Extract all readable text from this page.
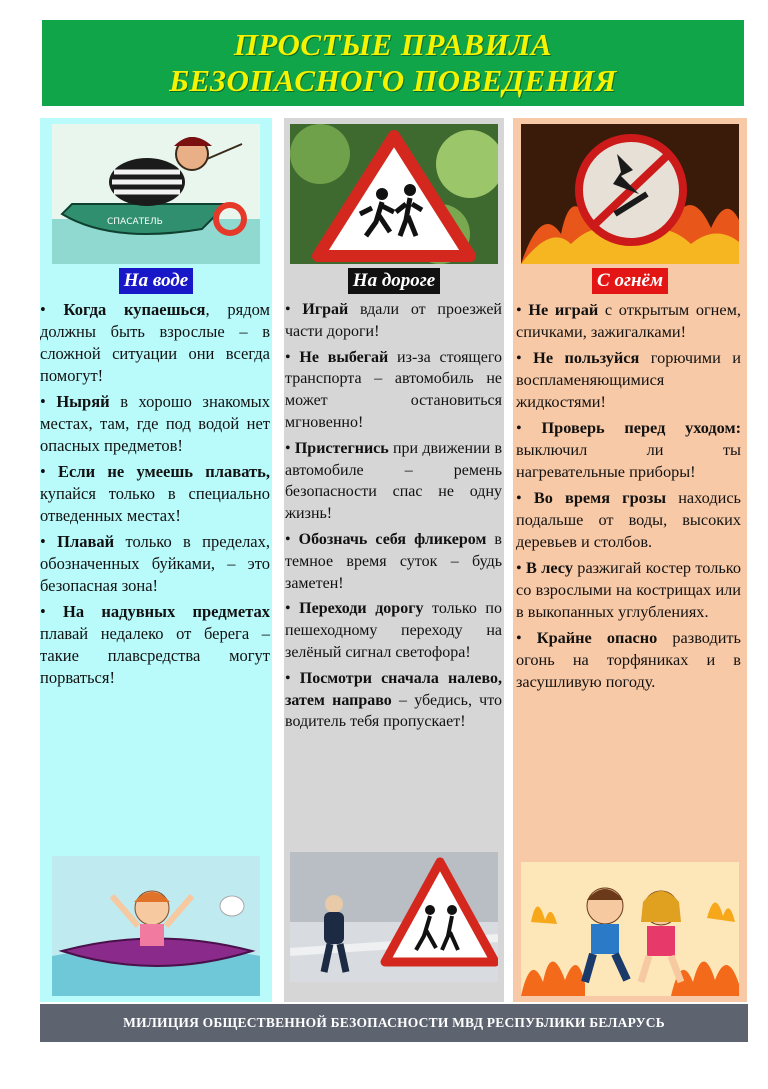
ПРОСТЫЕ ПРАВИЛА
БЕЗОПАСНОГО ПОВЕДЕНИЯ
СПАСАТЕЛЬ
На воде
• Когда купаешься, рядом должны быть взрослые – в сложной ситуации они всегда помогут!
• Ныряй в хорошо знакомых местах, там, где под водой нет опасных предметов!
• Если не умеешь плавать, купайся только в специально отведенных местах!
• Плавай только в пределах, обозначенных буйками, – это безопасная зона!
• На надувных предметах плавай недалеко от берега – такие плавсредства могут порваться!
На дороге
• Играй вдали от проезжей части дороги!
• Не выбегай из-за стоящего транспорта – автомобиль не может остановиться мгновенно!
• Пристегнись при движении в автомобиле – ремень безопасности спас не одну жизнь!
• Обозначь себя фликером в темное время суток – будь заметен!
• Переходи дорогу только по пешеходному переходу на зелёный сигнал светофора!
• Посмотри сначала налево, затем направо – убедись, что водитель тебя пропускает!
С огнём
• Не играй с открытым огнем, спичками, зажигалками!
• Не пользуйся горючими и воспламеняющимися жидкостями!
• Проверь перед уходом: выключил ли ты нагревательные приборы!
• Во время грозы находись подальше от воды, высоких деревьев и столбов.
• В лесу разжигай костер только со взрослыми на кострищах или в выкопанных углублениях.
• Крайне опасно разводить огонь на торфяниках и в засушливую погоду.
МИЛИЦИЯ ОБЩЕСТВЕННОЙ БЕЗОПАСНОСТИ МВД РЕСПУБЛИКИ БЕЛАРУСЬ
